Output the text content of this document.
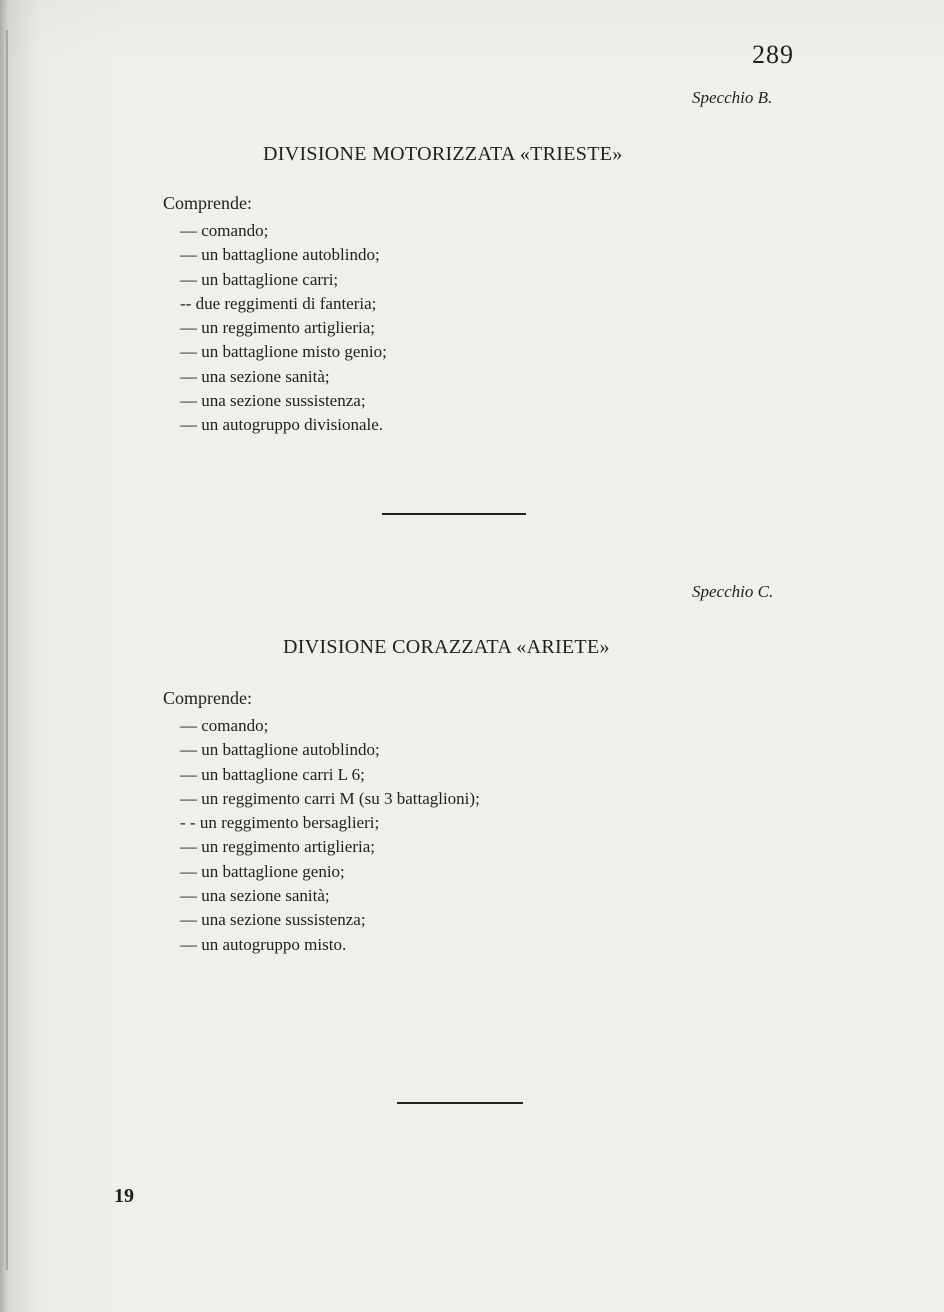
289
Specchio B.
DIVISIONE MOTORIZZATA «TRIESTE»
Comprende:
— comando;
— un battaglione autoblindo;
— un battaglione carri;
-- due reggimenti di fanteria;
— un reggimento artiglieria;
— un battaglione misto genio;
— una sezione sanità;
— una sezione sussistenza;
— un autogruppo divisionale.
Specchio C.
DIVISIONE CORAZZATA «ARIETE»
Comprende:
— comando;
— un battaglione autoblindo;
— un battaglione carri L 6;
— un reggimento carri M (su 3 battaglioni);
- - un reggimento bersaglieri;
— un reggimento artiglieria;
— un battaglione genio;
— una sezione sanità;
— una sezione sussistenza;
— un autogruppo misto.
19
